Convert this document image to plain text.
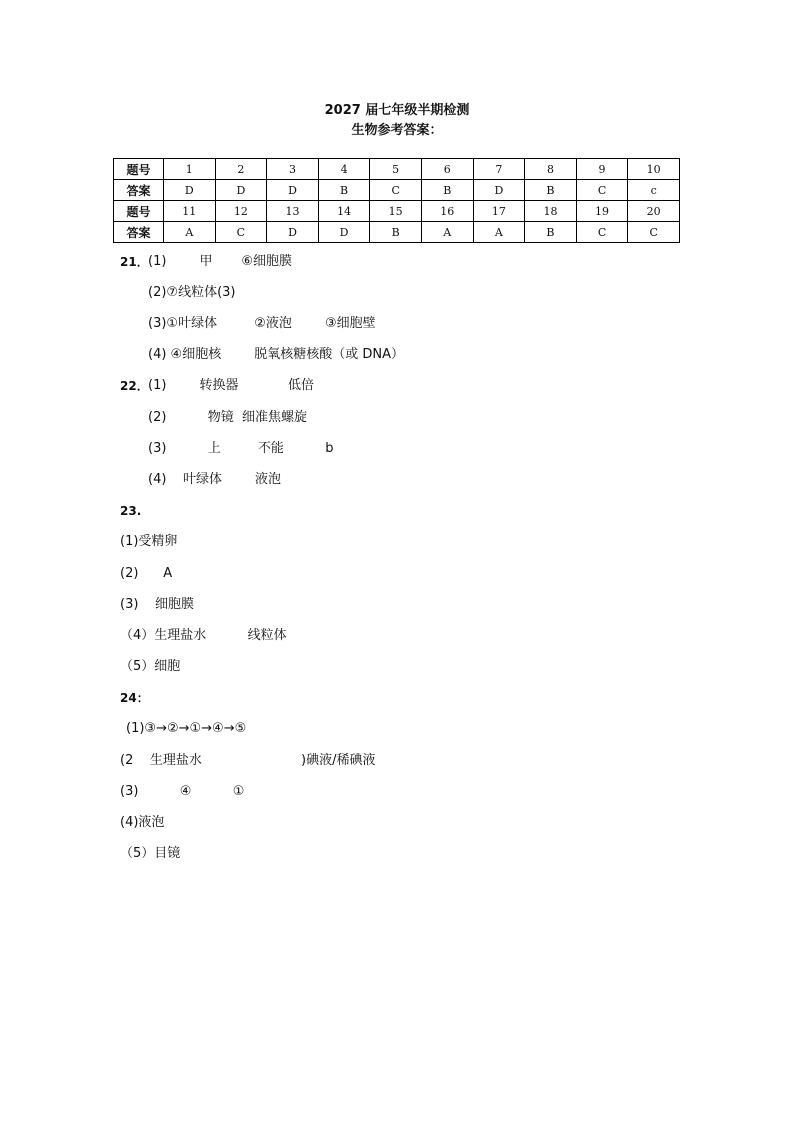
2027 届七年级半期检测
生物参考答案：
题号	1	2	3	4	5	6	7	8	9	10
答案	D	D	D	B	C	B	D	B	C	c
题号	11	12	13	14	15	16	17	18	19	20
答案	A	C	D	D	B	A	A	B	C	C
21． (1)        甲       ⑥细胞膜
(2)⑦线粒体(3)
(3)①叶绿体         ②液泡        ③细胞壁
(4) ④细胞核        脱氧核糖核酸（或 DNA）
22． (1)        转换器            低倍
(2)          物镜  细准焦螺旋
(3)          上         不能          b
(4)    叶绿体        液泡
23.
(1)受精卵
(2)      A
(3)    细胞膜
（4）生理盐水          线粒体
（5）细胞
24：
(1)③→②→①→④→⑤
(2    生理盐水                        )碘液/稀碘液
(3)          ④          ①
(4)液泡
（5）目镜
